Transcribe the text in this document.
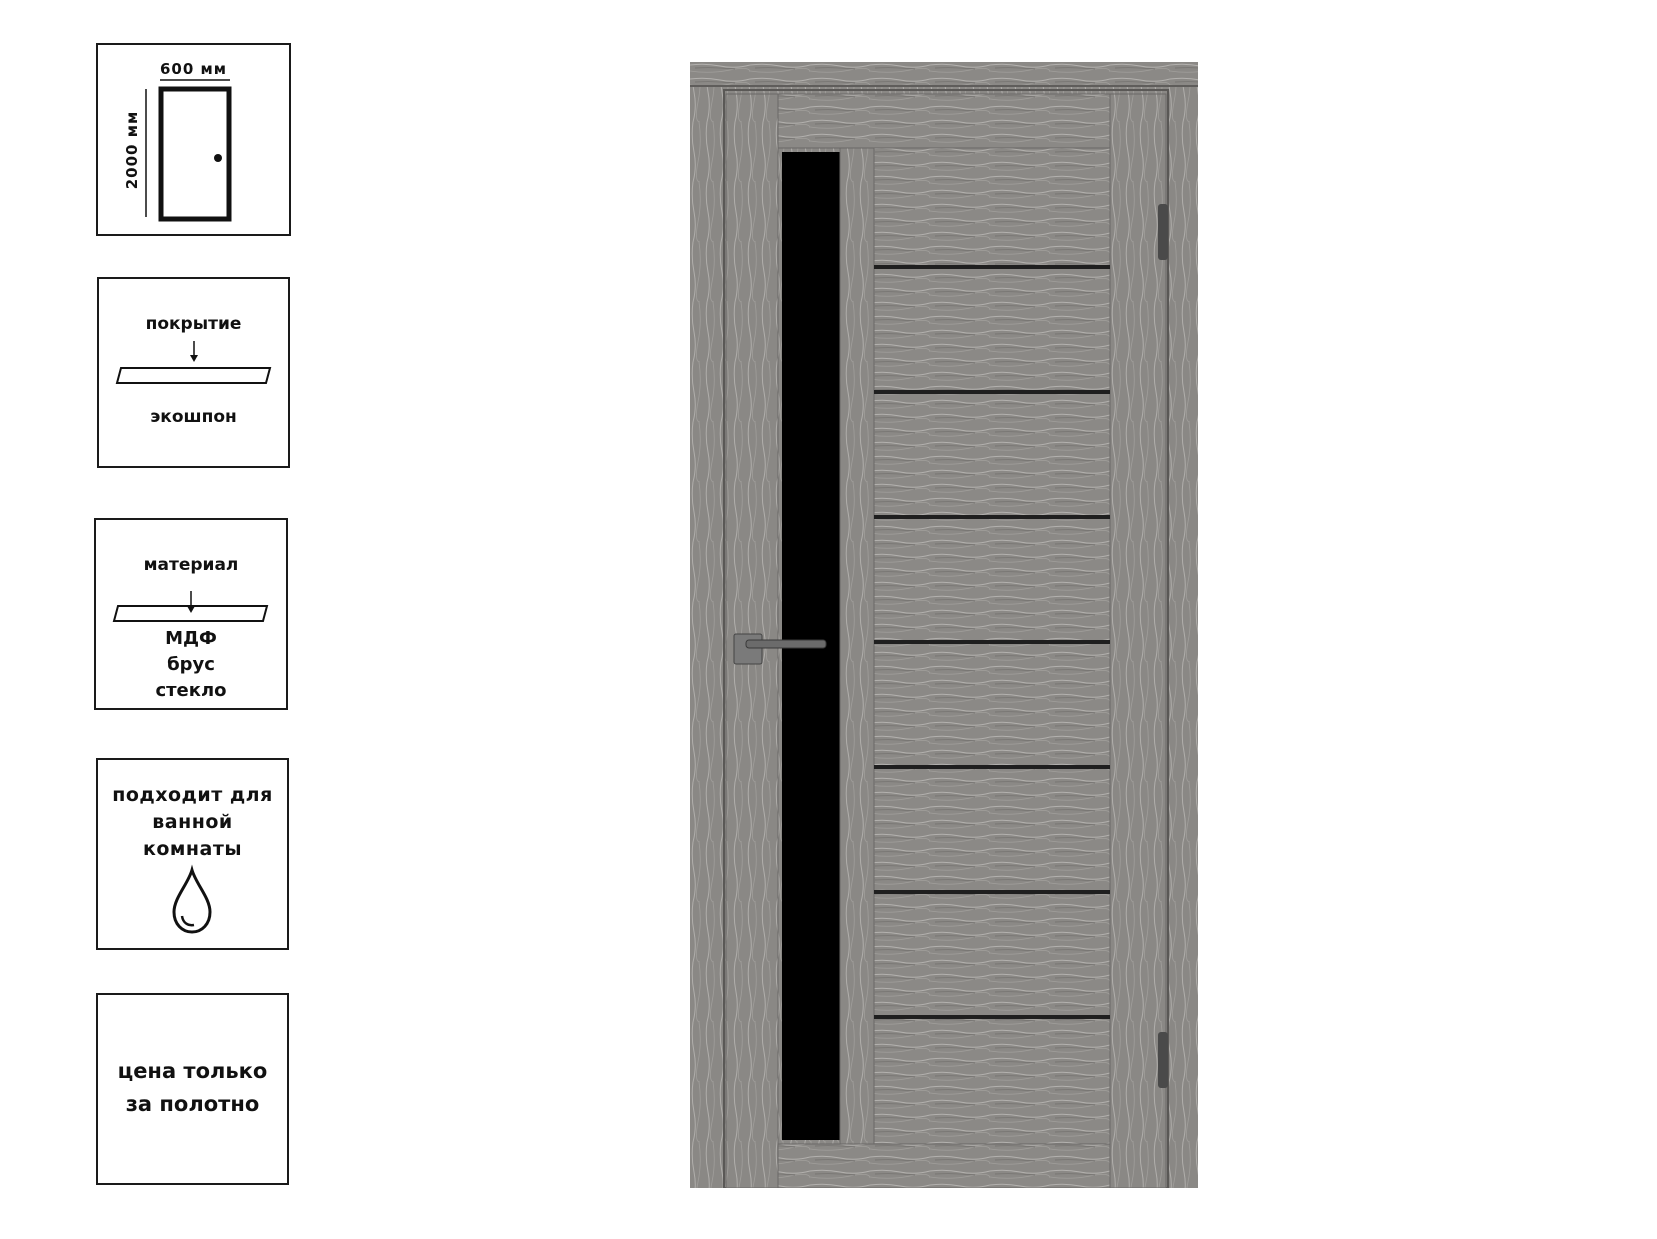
600 мм
2000 мм
покрытие
экошпон
материал
МДФ
брус
стекло
подходит для
ванной
комнаты
цена только
за полотно
